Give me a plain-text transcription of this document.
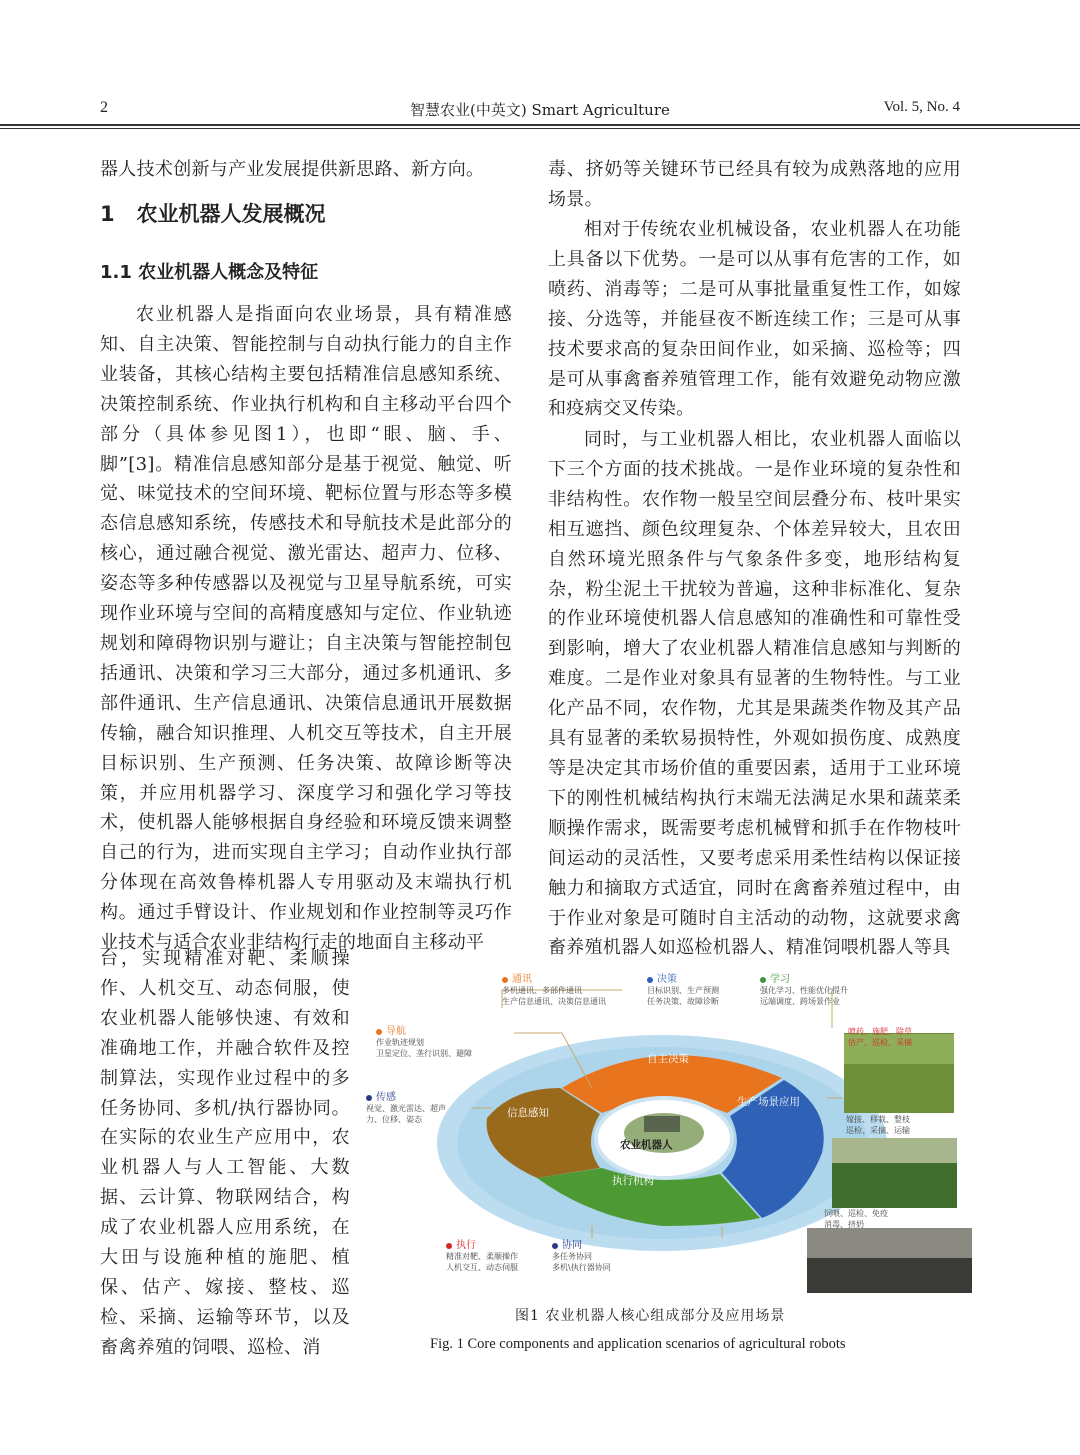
2	智慧农业(中英文) Smart Agriculture	Vol. 5, No. 4

器人技术创新与产业发展提供新思路、新方向。

1   农业机器人发展概况
1.1 农业机器人概念及特征

农业机器人是指面向农业场景，具有精准感知、自主决策、智能控制与自动执行能力的自主作业装备，其核心结构主要包括精准信息感知系统、决策控制系统、作业执行机构和自主移动平台四个部分（具体参见图1），也即“眼、脑、手、脚”[3]。精准信息感知部分是基于视觉、触觉、听觉、味觉技术的空间环境、靶标位置与形态等多模态信息感知系统，传感技术和导航技术是此部分的核心，通过融合视觉、激光雷达、超声力、位移、姿态等多种传感器以及视觉与卫星导航系统，可实现作业环境与空间的高精度感知与定位、作业轨迹规划和障碍物识别与避让；自主决策与智能控制包括通讯、决策和学习三大部分，通过多机通讯、多部件通讯、生产信息通讯、决策信息通讯开展数据传输，融合知识推理、人机交互等技术，自主开展目标识别、生产预测、任务决策、故障诊断等决策，并应用机器学习、深度学习和强化学习等技术，使机器人能够根据自身经验和环境反馈来调整自己的行为，进而实现自主学习；自动作业执行部分体现在高效鲁棒机器人专用驱动及末端执行机构。通过手臂设计、作业规划和作业控制等灵巧作业技术与适合农业非结构行走的地面自主移动平

台，实现精准对靶、柔顺操作、人机交互、动态伺服，使农业机器人能够快速、有效和准确地工作，并融合软件及控制算法，实现作业过程中的多任务协同、多机/执行器协同。在实际的农业生产应用中，农业机器人与人工智能、大数据、云计算、物联网结合，构成了农业机器人应用系统，在大田与设施种植的施肥、植保、估产、嫁接、整枝、巡检、采摘、运输等环节，以及畜禽养殖的饲喂、巡检、消

毒、挤奶等关键环节已经具有较为成熟落地的应用场景。

相对于传统农业机械设备，农业机器人在功能上具备以下优势。一是可以从事有危害的工作，如喷药、消毒等；二是可从事批量重复性工作，如嫁接、分选等，并能昼夜不断连续工作；三是可从事技术要求高的复杂田间作业，如采摘、巡检等；四是可从事禽畜养殖管理工作，能有效避免动物应激和疫病交叉传染。

同时，与工业机器人相比，农业机器人面临以下三个方面的技术挑战。一是作业环境的复杂性和非结构性。农作物一般呈空间层叠分布、枝叶果实相互遮挡、颜色纹理复杂、个体差异较大，且农田自然环境光照条件与气象条件多变，地形结构复杂，粉尘泥土干扰较为普遍，这种非标准化、复杂的作业环境使机器人信息感知的准确性和可靠性受到影响，增大了农业机器人精准信息感知与判断的难度。二是作业对象具有显著的生物特性。与工业化产品不同，农作物，尤其是果蔬类作物及其产品具有显著的柔软易损特性，外观如损伤度、成熟度等是决定其市场价值的重要因素，适用于工业环境下的刚性机械结构执行末端无法满足水果和蔬菜柔顺操作需求，既需要考虑机械臂和抓手在作物枝叶间运动的灵活性，又要考虑采用柔性结构以保证接触力和摘取方式适宜，同时在禽畜养殖过程中，由于作业对象是可随时自主活动的动物，这就要求禽畜养殖机器人如巡检机器人、精准饲喂机器人等具

自主决策
信息感知
生产场景应用
执行机构
农业机器人
通讯
多机通讯、多部件通讯
生产信息通讯、决策信息通讯
决策
目标识别、生产预测
任务决策、故障诊断
学习
强化学习、性能优化提升
远端调度、跨场景作业
导航
作业轨迹规划
卫星定位、垄行识别、避障
传感
视觉、激光雷达、超声
力、位移、姿态
执行
精准对靶、柔顺操作
人机交互、动态伺服
协同
多任务协同
多机\执行器协同
喷药、施肥、除草
估产、巡检、采摘
嫁接、移栽、整枝
巡检、采摘、运输
饲喂、巡检、免疫
消毒、挤奶
图1 农业机器人核心组成部分及应用场景
Fig. 1 Core components and application scenarios of agricultural robots
